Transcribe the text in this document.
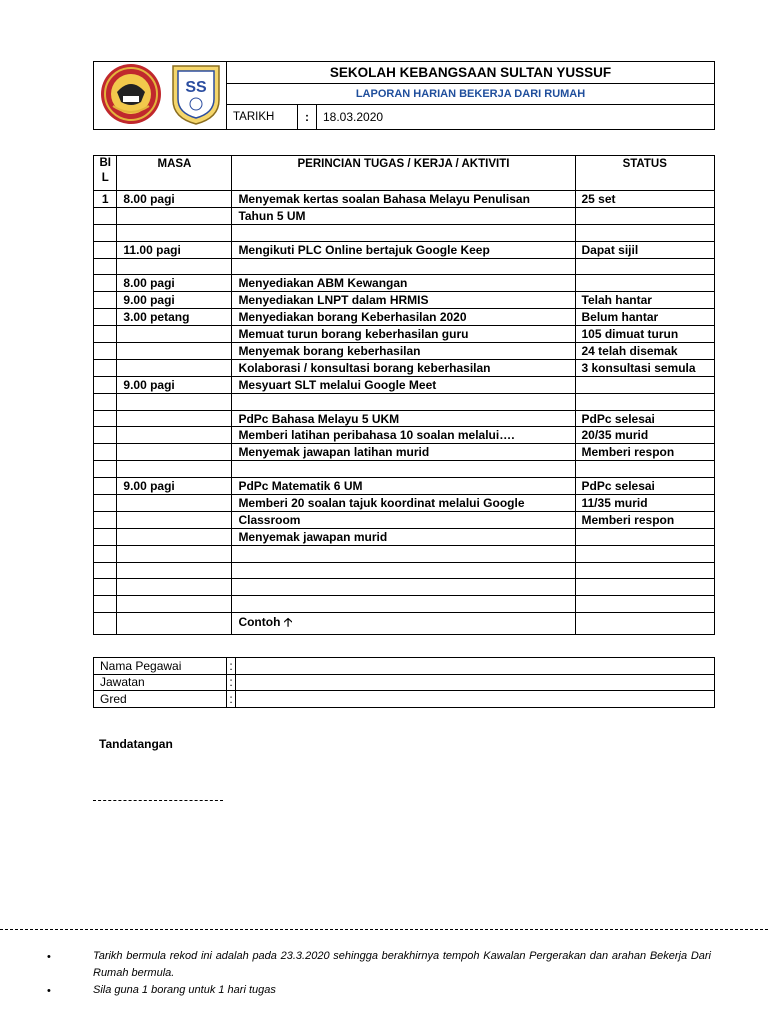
SS	SEKOLAH KEBANGSAAN SULTAN YUSSUF		
	LAPORAN HARIAN BEKERJA DARI RUMAH		
	TARIKH	:	18.03.2020
BI
L	MASA	PERINCIAN TUGAS / KERJA / AKTIVITI	STATUS
1	8.00 pagi	Menyemak kertas soalan Bahasa Melayu Penulisan	25 set
		Tahun 5 UM	

	11.00 pagi	Mengikuti PLC Online bertajuk Google Keep	Dapat sijil

	8.00 pagi	Menyediakan ABM Kewangan	
	9.00 pagi	Menyediakan LNPT dalam HRMIS	Telah hantar
	3.00 petang	Menyediakan borang Keberhasilan 2020	Belum hantar
		Memuat turun borang keberhasilan guru	105 dimuat turun
		Menyemak borang keberhasilan	24 telah disemak
		Kolaborasi / konsultasi borang keberhasilan	3 konsultasi semula
	9.00 pagi	Mesyuart SLT melalui Google Meet	

		PdPc Bahasa Melayu 5 UKM	PdPc selesai
		Memberi latihan peribahasa 10 soalan melalui….	20/35 murid
		Menyemak jawapan latihan murid	Memberi respon

	9.00 pagi	PdPc Matematik 6 UM	PdPc selesai
		Memberi 20 soalan tajuk koordinat melalui Google	11/35 murid
		Classroom	Memberi respon
		Menyemak jawapan murid	

		Contoh 🡡	
Nama Pegawai	:	
Jawatan	:	
Gred	:	
Tandatangan
•	Tarikh bermula rekod ini adalah pada 23.3.2020 sehingga berakhirnya tempoh Kawalan Pergerakan dan arahan Bekerja Dari Rumah bermula.
•	Sila guna 1 borang untuk 1 hari tugas
